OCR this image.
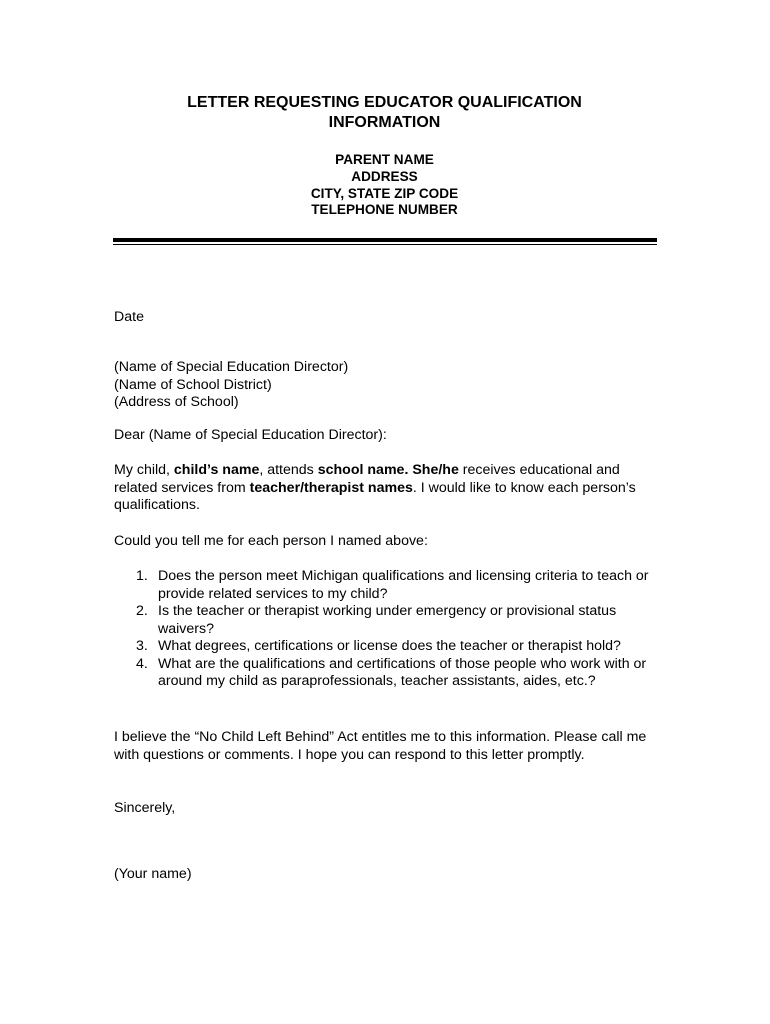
LETTER REQUESTING EDUCATOR QUALIFICATION
INFORMATION
PARENT NAME
ADDRESS
CITY, STATE ZIP CODE
TELEPHONE NUMBER

Date

(Name of Special Education Director)

(Name of School District)

(Address of School)

Dear (Name of Special Education Director):

My child, child’s name, attends school name. She/he receives educational and related services from teacher/therapist names. I would like to know each person’s qualifications.

Could you tell me for each person I named above:

1. Does the person meet Michigan qualifications and licensing criteria to teach or provide related services to my child?
2. Is the teacher or therapist working under emergency or provisional status waivers?
3. What degrees, certifications or license does the teacher or therapist hold?
4. What are the qualifications and certifications of those people who work with or around my child as paraprofessionals, teacher assistants, aides, etc.?

I believe the “No Child Left Behind” Act entitles me to this information. Please call me with questions or comments. I hope you can respond to this letter promptly.

Sincerely,

(Your name)
